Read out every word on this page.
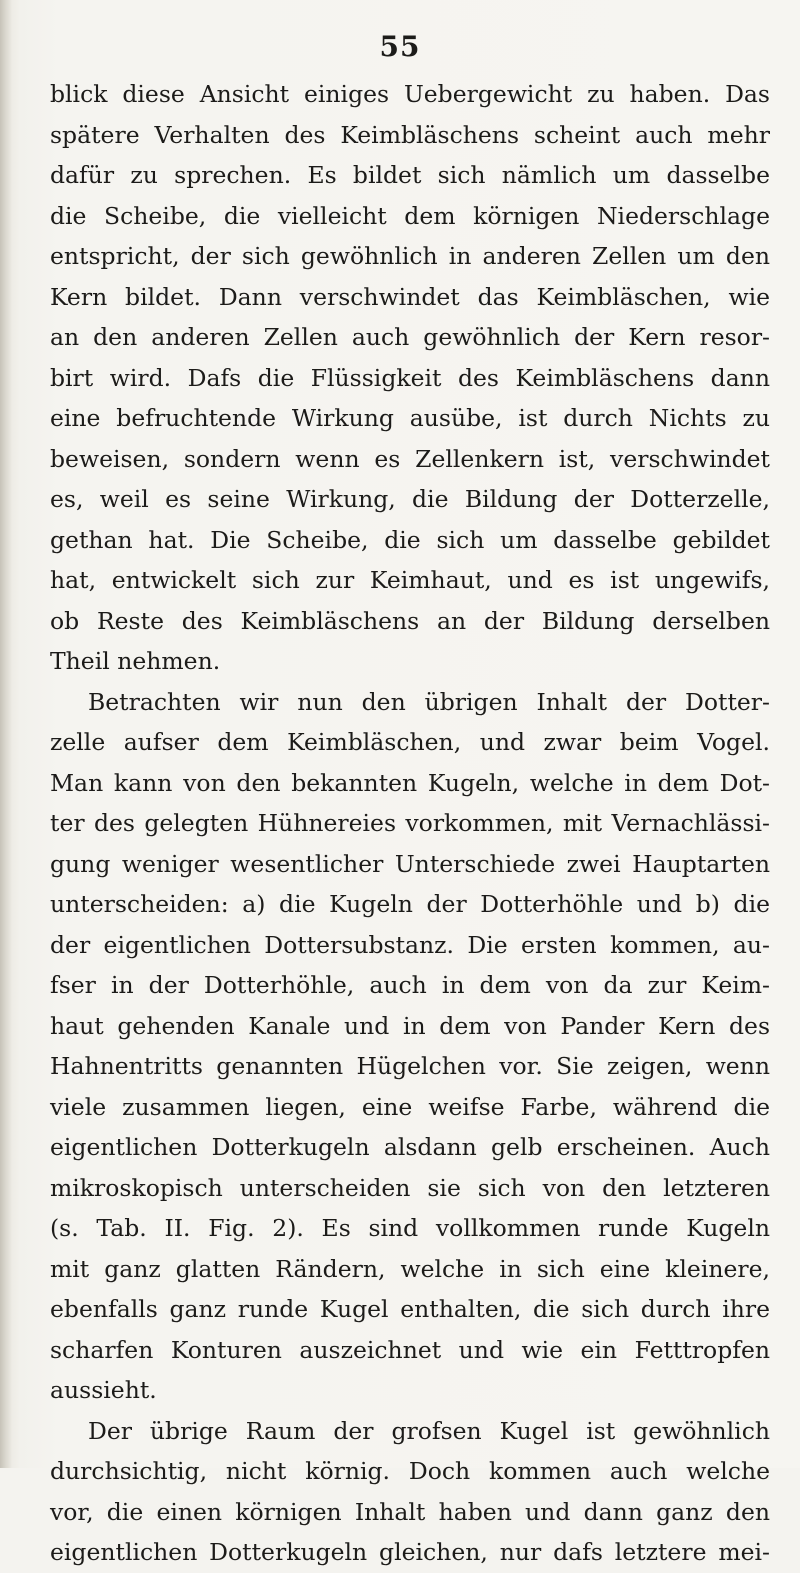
55
blick diese Ansicht einiges Uebergewicht zu haben. Das
spätere Verhalten des Keimbläschens scheint auch mehr
dafür zu sprechen. Es bildet sich nämlich um dasselbe
die Scheibe, die vielleicht dem körnigen Niederschlage
entspricht, der sich gewöhnlich in anderen Zellen um den
Kern bildet. Dann verschwindet das Keimbläschen, wie
an den anderen Zellen auch gewöhnlich der Kern resor-
birt wird. Dafs die Flüssigkeit des Keimbläschens dann
eine befruchtende Wirkung ausübe, ist durch Nichts zu
beweisen, sondern wenn es Zellenkern ist, verschwindet
es, weil es seine Wirkung, die Bildung der Dotterzelle,
gethan hat. Die Scheibe, die sich um dasselbe gebildet
hat, entwickelt sich zur Keimhaut, und es ist ungewifs,
ob Reste des Keimbläschens an der Bildung derselben
Theil nehmen.
Betrachten wir nun den übrigen Inhalt der Dotter-
zelle aufser dem Keimbläschen, und zwar beim Vogel.
Man kann von den bekannten Kugeln, welche in dem Dot-
ter des gelegten Hühnereies vorkommen, mit Vernachlässi-
gung weniger wesentlicher Unterschiede zwei Hauptarten
unterscheiden: a) die Kugeln der Dotterhöhle und b) die
der eigentlichen Dottersubstanz. Die ersten kommen, au-
fser in der Dotterhöhle, auch in dem von da zur Keim-
haut gehenden Kanale und in dem von Pander Kern des
Hahnentritts genannten Hügelchen vor. Sie zeigen, wenn
viele zusammen liegen, eine weifse Farbe, während die
eigentlichen Dotterkugeln alsdann gelb erscheinen. Auch
mikroskopisch unterscheiden sie sich von den letzteren
(s. Tab. II. Fig. 2). Es sind vollkommen runde Kugeln
mit ganz glatten Rändern, welche in sich eine kleinere,
ebenfalls ganz runde Kugel enthalten, die sich durch ihre
scharfen Konturen auszeichnet und wie ein Fetttropfen
aussieht.
Der übrige Raum der grofsen Kugel ist gewöhnlich
durchsichtig, nicht körnig. Doch kommen auch welche
vor, die einen körnigen Inhalt haben und dann ganz den
eigentlichen Dotterkugeln gleichen, nur dafs letztere mei-
